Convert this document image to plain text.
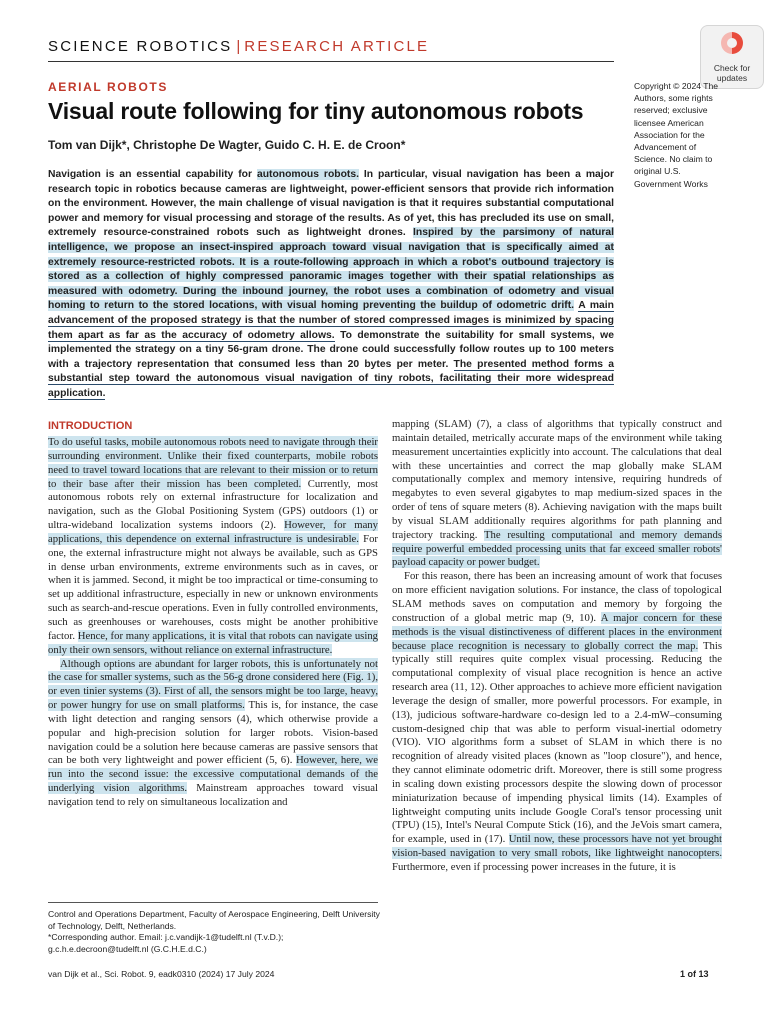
SCIENCE ROBOTICS | RESEARCH ARTICLE
Check for
updates
AERIAL ROBOTS
Visual route following for tiny autonomous robots
Tom van Dijk*, Christophe De Wagter, Guido C. H. E. de Croon*
Copyright © 2024 The Authors, some rights reserved; exclusive licensee American Association for the Advancement of Science. No claim to original U.S. Government Works
Navigation is an essential capability for autonomous robots. In particular, visual navigation has been a major research topic in robotics because cameras are lightweight, power-efficient sensors that provide rich information on the environment. However, the main challenge of visual navigation is that it requires substantial computational power and memory for visual processing and storage of the results. As of yet, this has precluded its use on small, extremely resource-constrained robots such as lightweight drones. Inspired by the parsimony of natural intelligence, we propose an insect-inspired approach toward visual navigation that is specifically aimed at extremely resource-restricted robots. It is a route-following approach in which a robot's outbound trajectory is stored as a collection of highly compressed panoramic images together with their spatial relationships as measured with odometry. During the inbound journey, the robot uses a combination of odometry and visual homing to return to the stored locations, with visual homing preventing the buildup of odometric drift. A main advancement of the proposed strategy is that the number of stored compressed images is minimized by spacing them apart as far as the accuracy of odometry allows. To demonstrate the suitability for small systems, we implemented the strategy on a tiny 56-gram drone. The drone could successfully follow routes up to 100 meters with a trajectory representation that consumed less than 20 bytes per meter. The presented method forms a substantial step toward the autonomous visual navigation of tiny robots, facilitating their more widespread application.
INTRODUCTION

To do useful tasks, mobile autonomous robots need to navigate through their surrounding environment. Unlike their fixed counterparts, mobile robots need to travel toward locations that are relevant to their mission or to return to their base after their mission has been completed. Currently, most autonomous robots rely on external infrastructure for localization and navigation, such as the Global Positioning System (GPS) outdoors (1) or ultra-wideband localization systems indoors (2). However, for many applications, this dependence on external infrastructure is undesirable. For one, the external infrastructure might not always be available, such as GPS in dense urban environments, extreme environments such as in caves, or when it is jammed. Second, it might be too impractical or time-consuming to set up additional infrastructure, especially in new or unknown environments such as search-and-rescue operations. Even in fully controlled environments, such as greenhouses or warehouses, costs might be another prohibitive factor. Hence, for many applications, it is vital that robots can navigate using only their own sensors, without reliance on external infrastructure.

Although options are abundant for larger robots, this is unfortunately not the case for smaller systems, such as the 56-g drone considered here (Fig. 1), or even tinier systems (3). First of all, the sensors might be too large, heavy, or power hungry for use on small platforms. This is, for instance, the case with light detection and ranging sensors (4), which otherwise provide a popular and high-precision solution for larger robots. Vision-based navigation could be a solution here because cameras are passive sensors that can be both very lightweight and power efficient (5, 6). However, here, we run into the second issue: the excessive computational demands of the underlying vision algorithms. Mainstream approaches toward visual navigation tend to rely on simultaneous localization and

mapping (SLAM) (7), a class of algorithms that typically construct and maintain detailed, metrically accurate maps of the environment while taking measurement uncertainties explicitly into account. The calculations that deal with these uncertainties and correct the map globally make SLAM computationally complex and memory intensive, requiring hundreds of megabytes to even several gigabytes to map medium-sized spaces in the order of tens of square meters (8). Achieving navigation with the maps built by visual SLAM additionally requires algorithms for path planning and trajectory tracking. The resulting computational and memory demands require powerful embedded processing units that far exceed smaller robots' payload capacity or power budget.

For this reason, there has been an increasing amount of work that focuses on more efficient navigation solutions. For instance, the class of topological SLAM methods saves on computation and memory by forgoing the construction of a global metric map (9, 10). A major concern for these methods is the visual distinctiveness of different places in the environment because place recognition is necessary to globally correct the map. This typically still requires quite complex visual processing. Reducing the computational complexity of visual place recognition is hence an active research area (11, 12). Other approaches to achieve more efficient navigation leverage the design of smaller, more powerful processors. For example, in (13), judicious software-hardware co-design led to a 2.4-mW–consuming custom-designed chip that was able to perform visual-inertial odometry (VIO). VIO algorithms form a subset of SLAM in which there is no recognition of already visited places (known as "loop closure"), and hence, they cannot eliminate odometric drift. Moreover, there is still some progress in scaling down existing processors despite the slowing down of processor miniaturization because of impending physical limits (14). Examples of lightweight computing units include Google Coral's tensor processing unit (TPU) (15), Intel's Neural Compute Stick (16), and the JeVois smart camera, for example, used in (17). Until now, these processors have not yet brought vision-based navigation to very small robots, like lightweight nanocopters. Furthermore, even if processing power increases in the future, it is

Control and Operations Department, Faculty of Aerospace Engineering, Delft University of Technology, Delft, Netherlands.
*Corresponding author. Email: j.c.vandijk-1@tudelft.nl (T.v.D.); g.c.h.e.decroon@tudelft.nl (G.C.H.E.d.C.)
van Dijk et al., Sci. Robot. 9, eadk0310 (2024) 17 July 2024	1 of 13
